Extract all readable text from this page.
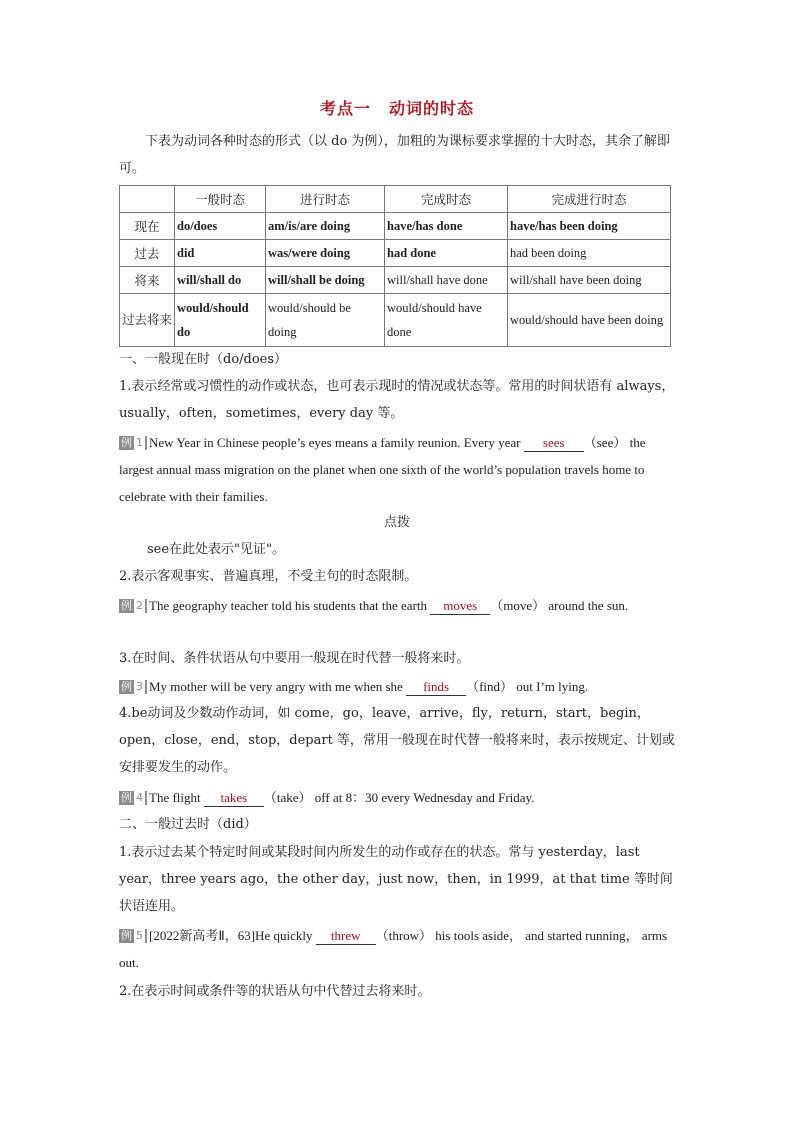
考点一 动词的时态
下表为动词各种时态的形式（以 do 为例），加粗的为课标要求掌握的十大时态，其余了解即可。
	一般时态	进行时态	完成时态	完成进行时态
现在	do/does	am/is/are doing	have/has done	have/has been doing
过去	did	was/were doing	had done	had been doing
将来	will/shall do	will/shall be doing	will/shall have done	will/shall have been doing
过去将来	would/should do	would/should be doing	would/should have done	would/should have been doing
一、一般现在时（do/does）
1.表示经常或习惯性的动作或状态，也可表示现时的情况或状态等。常用的时间状语有 always，usually，often，sometimes，every day 等。
例 1 New Year in Chinese people’s eyes means a family reunion. Every year sees （see） the largest annual mass migration on the planet when one sixth of the world’s population travels home to celebrate with their families.
点拨
see在此处表示"见证"。
2.表示客观事实、普遍真理，不受主句的时态限制。
例 2 The geography teacher told his students that the earth moves （move） around the sun.
3.在时间、条件状语从句中要用一般现在时代替一般将来时。
例 3 My mother will be very angry with me when she finds （find） out I’m lying.
4.be动词及少数动作动词，如 come，go，leave，arrive，fly，return，start，begin，open，close，end，stop，depart 等，常用一般现在时代替一般将来时，表示按规定、计划或安排要发生的动作。
例 4 The flight takes （take） off at 8：30 every Wednesday and Friday.
二、一般过去时（did）
1.表示过去某个特定时间或某段时间内所发生的动作或存在的状态。常与 yesterday，last year，three years ago，the other day，just now，then，in 1999，at that time 等时间状语连用。
例 5 [2022新高考Ⅱ，63]He quickly threw （throw） his tools aside， and started running， arms out.
2.在表示时间或条件等的状语从句中代替过去将来时。
